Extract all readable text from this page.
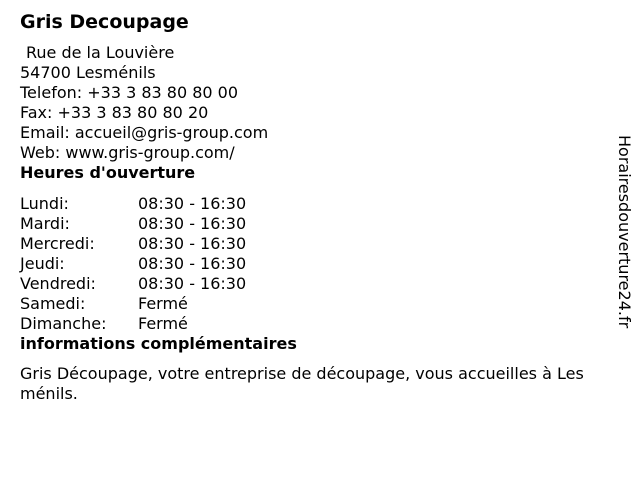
Gris Decoupage
Rue de la Louvière
54700 Lesménils
Telefon: +33 3 83 80 80 00
Fax: +33 3 83 80 80 20
Email: accueil@gris-group.com
Web: www.gris-group.com/
Heures d'ouverture
Lundi:	08:30 - 16:30
Mardi:	08:30 - 16:30
Mercredi:	08:30 - 16:30
Jeudi:	08:30 - 16:30
Vendredi:	08:30 - 16:30
Samedi:	Fermé
Dimanche:	Fermé
informations complémentaires
Gris Découpage, votre entreprise de découpage, vous accueilles à Les ménils.
Horairesdouverture24.fr
